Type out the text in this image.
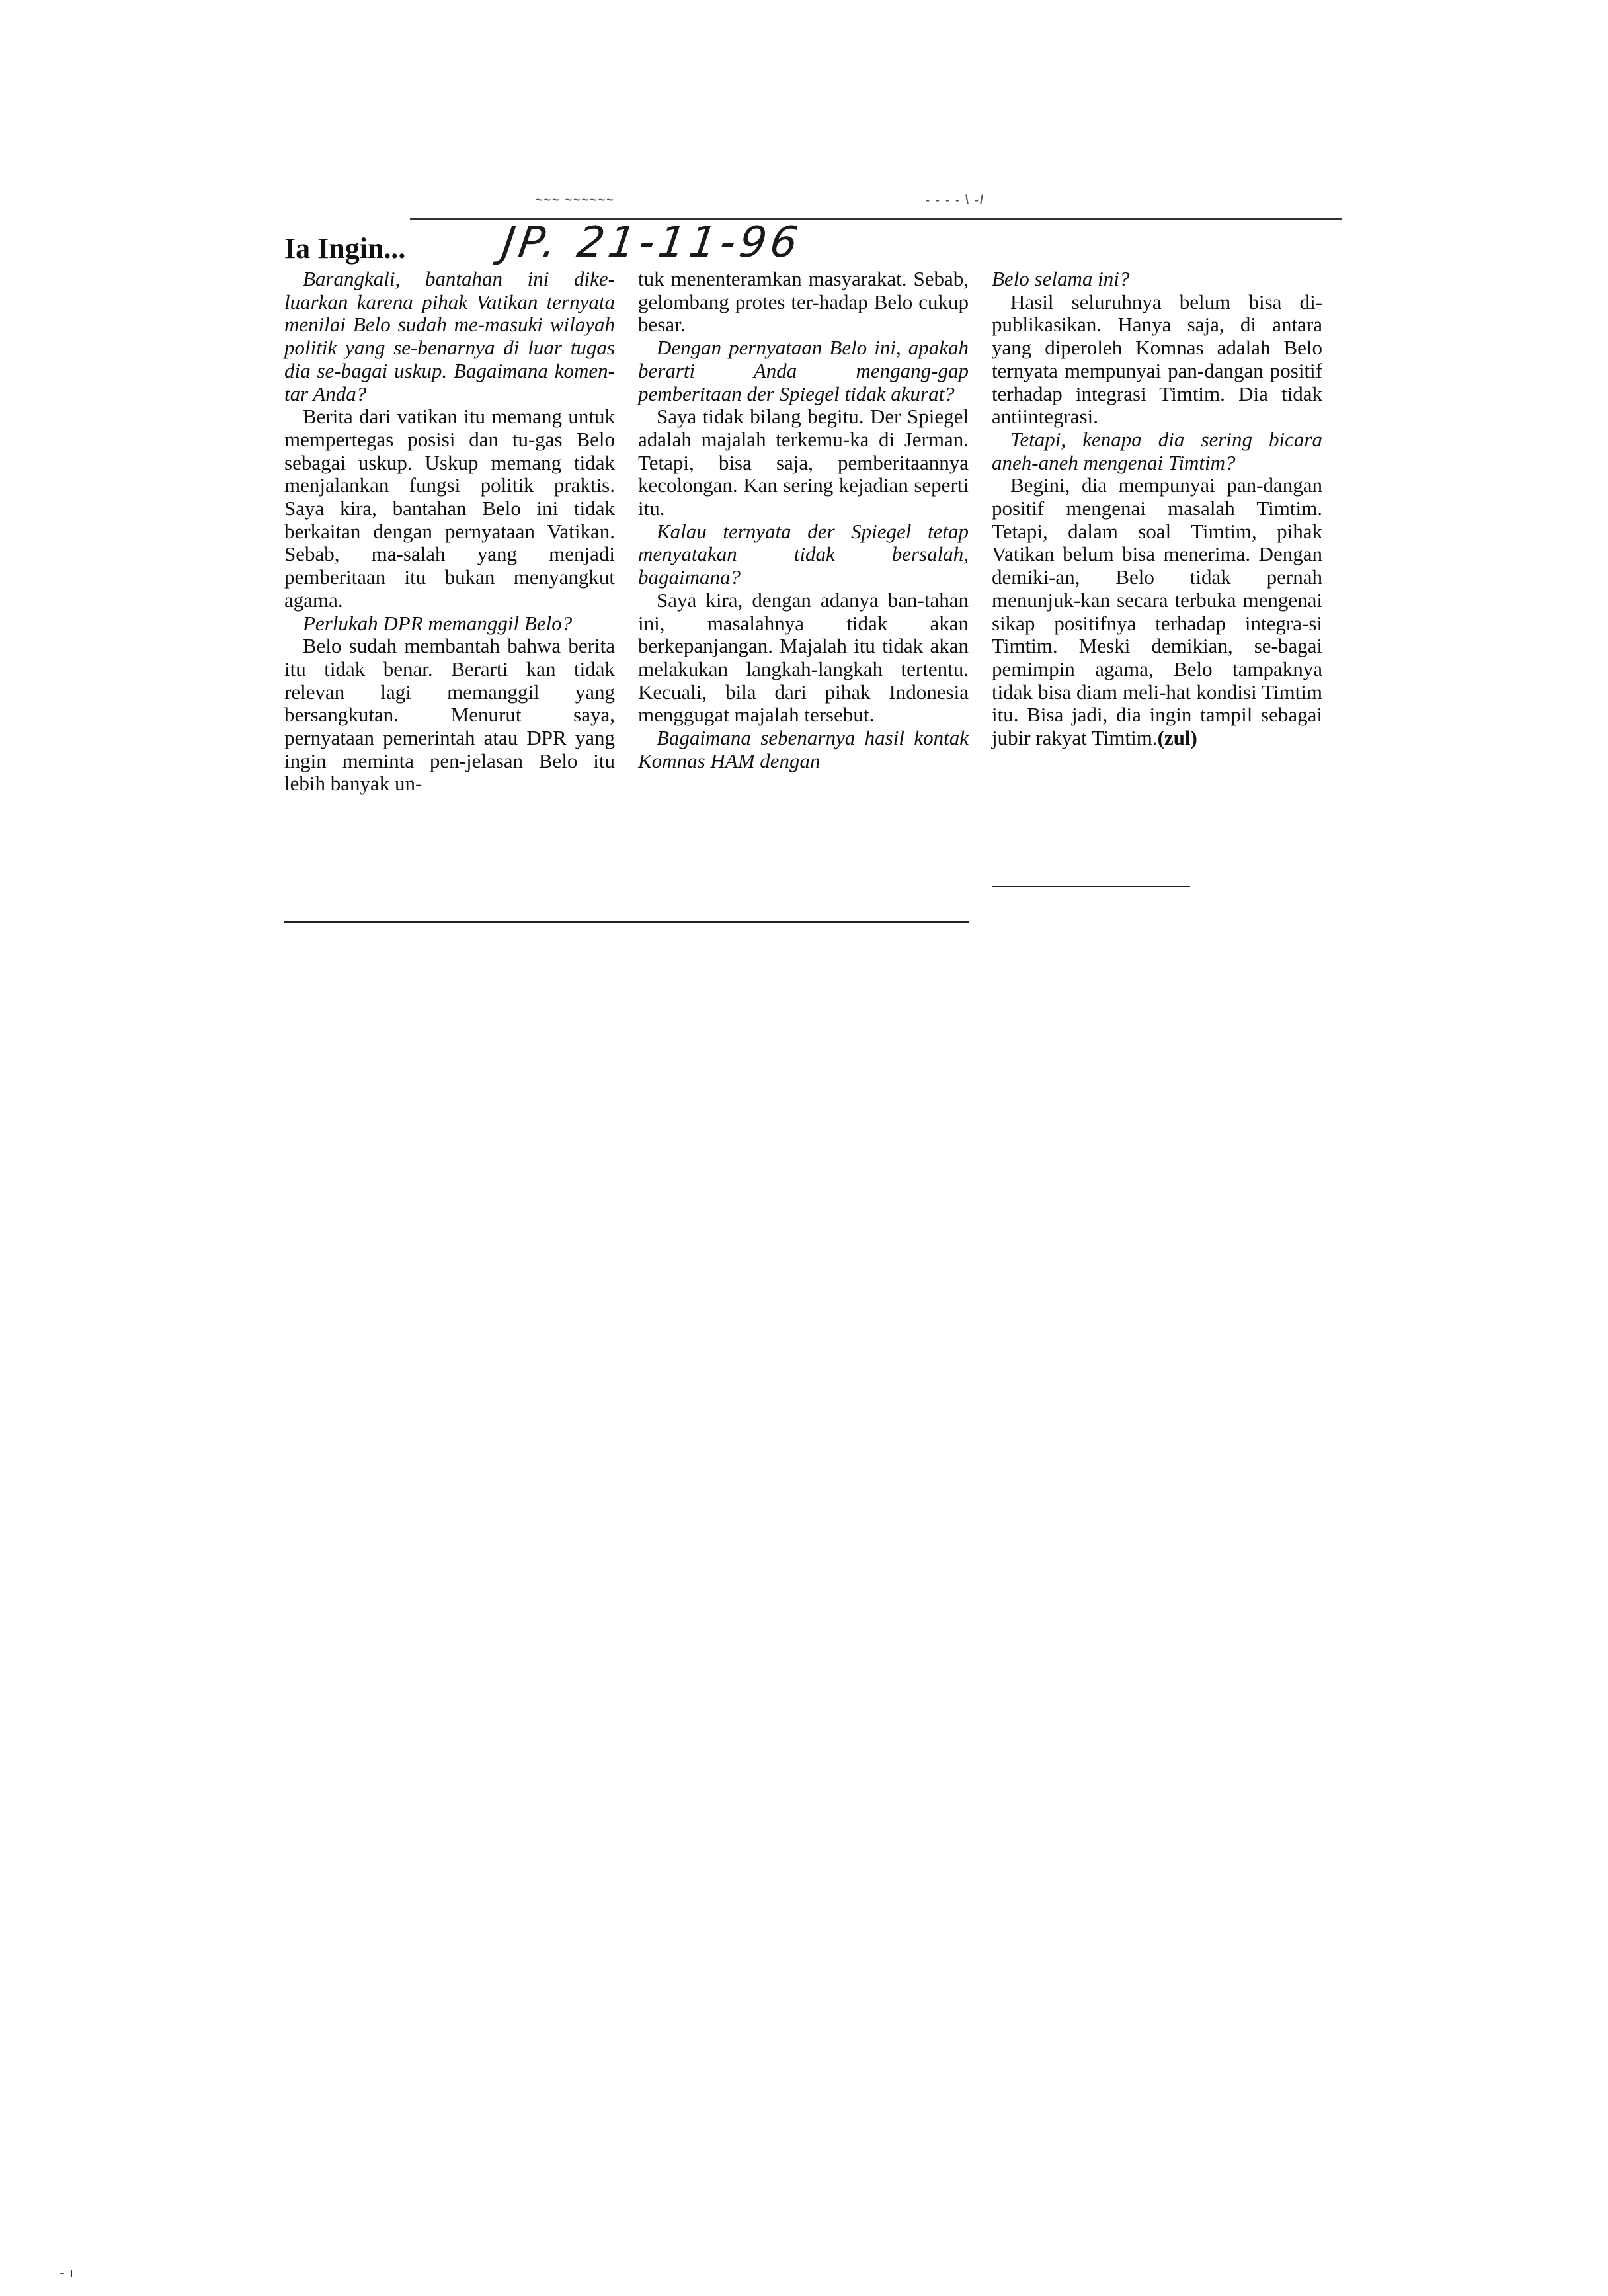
~~~ ~~~~~~	- - - - \ -/
Ia Ingin... JP. 21-11-96

Barangkali, bantahan ini dike-luarkan karena pihak Vatikan ternyata menilai Belo sudah me-masuki wilayah politik yang se-benarnya di luar tugas dia se-bagai uskup. Bagaimana komen-tar Anda?

Berita dari vatikan itu memang untuk mempertegas posisi dan tu-gas Belo sebagai uskup. Uskup memang tidak menjalankan fungsi politik praktis. Saya kira, bantahan Belo ini tidak berkaitan dengan pernyataan Vatikan. Sebab, ma-salah yang menjadi pemberitaan itu bukan menyangkut agama.

Perlukah DPR memanggil Belo?

Belo sudah membantah bahwa berita itu tidak benar. Berarti kan tidak relevan lagi memanggil yang bersangkutan. Menurut saya, pernyataan pemerintah atau DPR yang ingin meminta pen-jelasan Belo itu lebih banyak un-

tuk menenteramkan masyarakat. Sebab, gelombang protes ter-hadap Belo cukup besar.

Dengan pernyataan Belo ini, apakah berarti Anda mengang-gap pemberitaan der Spiegel tidak akurat?

Saya tidak bilang begitu. Der Spiegel adalah majalah terkemu-ka di Jerman. Tetapi, bisa saja, pemberitaannya kecolongan. Kan sering kejadian seperti itu.

Kalau ternyata der Spiegel tetap menyatakan tidak bersalah, bagaimana?

Saya kira, dengan adanya ban-tahan ini, masalahnya tidak akan berkepanjangan. Majalah itu tidak akan melakukan langkah-langkah tertentu. Kecuali, bila dari pihak Indonesia menggugat majalah tersebut.

Bagaimana sebenarnya hasil kontak Komnas HAM dengan

Belo selama ini?

Hasil seluruhnya belum bisa di-publikasikan. Hanya saja, di antara yang diperoleh Komnas adalah Belo ternyata mempunyai pan-dangan positif terhadap integrasi Timtim. Dia tidak antiintegrasi.

Tetapi, kenapa dia sering bicara aneh-aneh mengenai Timtim?

Begini, dia mempunyai pan-dangan positif mengenai masalah Timtim. Tetapi, dalam soal Timtim, pihak Vatikan belum bisa menerima. Dengan demiki-an, Belo tidak pernah menunjuk-kan secara terbuka mengenai sikap positifnya terhadap integra-si Timtim. Meski demikian, se-bagai pemimpin agama, Belo tampaknya tidak bisa diam meli-hat kondisi Timtim itu. Bisa jadi, dia ingin tampil sebagai jubir rakyat Timtim.(zul)

- ı
